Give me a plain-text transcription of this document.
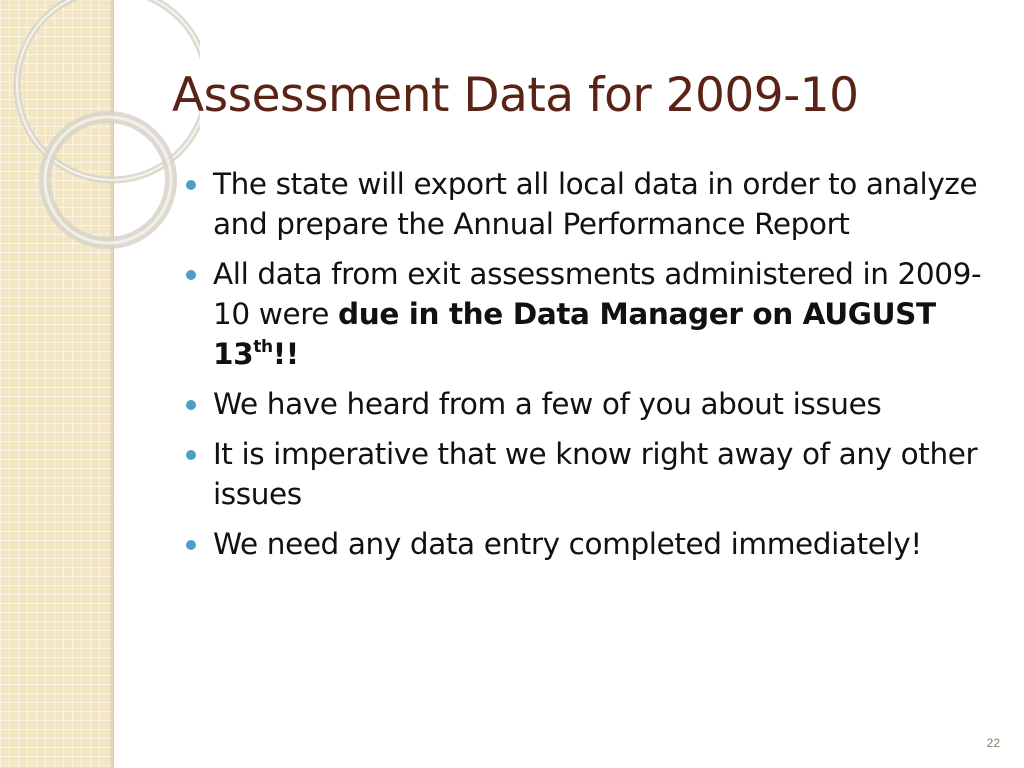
Assessment Data for 2009-10
The state will export all local data in order to analyze and prepare the Annual Performance Report
All data from exit assessments administered in 2009-10 were due in the Data Manager on AUGUST 13th!!
We have heard from a few of you about issues
It is imperative that we know right away of any other issues
We need any data entry completed immediately!
22
